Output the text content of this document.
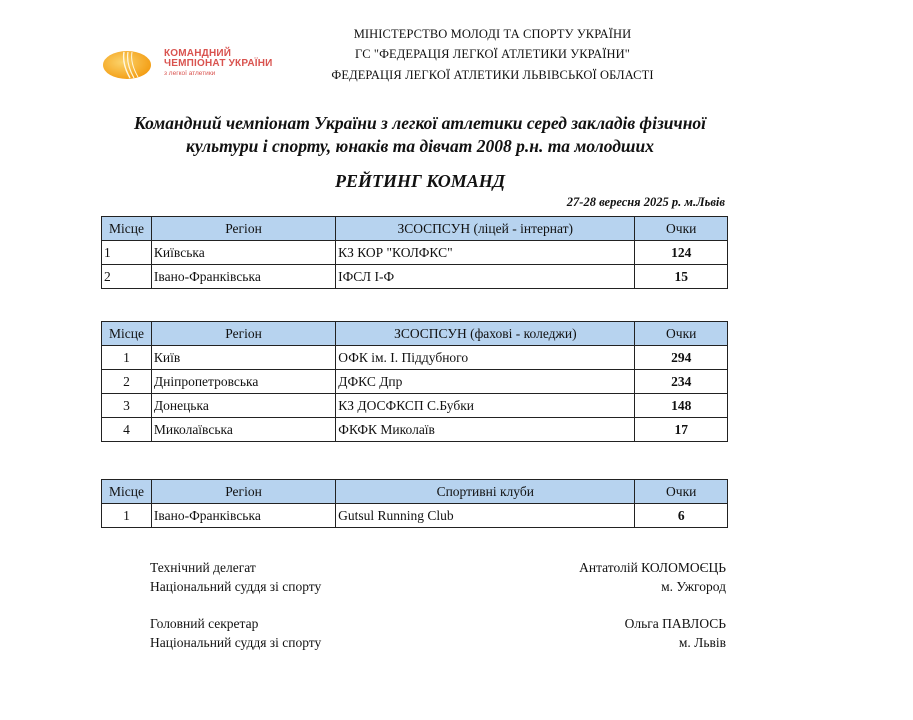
КОМАНДНИЙ
ЧЕМПІОНАТ УКРАЇНИ
з легкої атлетики
МІНІСТЕРСТВО МОЛОДІ ТА СПОРТУ УКРАЇНИ
ГС "ФЕДЕРАЦІЯ ЛЕГКОЇ АТЛЕТИКИ УКРАЇНИ"
ФЕДЕРАЦІЯ ЛЕГКОЇ АТЛЕТИКИ ЛЬВІВСЬКОЇ ОБЛАСТІ
Командний чемпіонат України з легкої атлетики серед закладів фізичної
культури і спорту, юнаків та дівчат 2008 р.н. та молодших
РЕЙТИНГ КОМАНД
27-28 вересня 2025 р. м.Львів
Місце	Регіон	ЗСОСПСУН (ліцей - інтернат)	Очки
1	Київська	КЗ КОР "КОЛФКС"	124
2	Івано-Франківська	ІФСЛ І-Ф	15
Місце	Регіон	ЗСОСПСУН (фахові - коледжи)	Очки
1	Київ	ОФК ім. І. Піддубного	294
2	Дніпропетровська	ДФКС Дпр	234
3	Донецька	КЗ ДОСФКСП С.Бубки	148
4	Миколаївська	ФКФК Миколаїв	17
Місце	Регіон	Спортивні клуби	Очки
1	Івано-Франківська	Gutsul Running Club	6
Технічний делегат
Національний суддя зі спорту
Антатолій КОЛОМОЄЦЬ
м. Ужгород
Головний секретар
Національний суддя зі спорту
Ольга ПАВЛОСЬ
м. Львів
